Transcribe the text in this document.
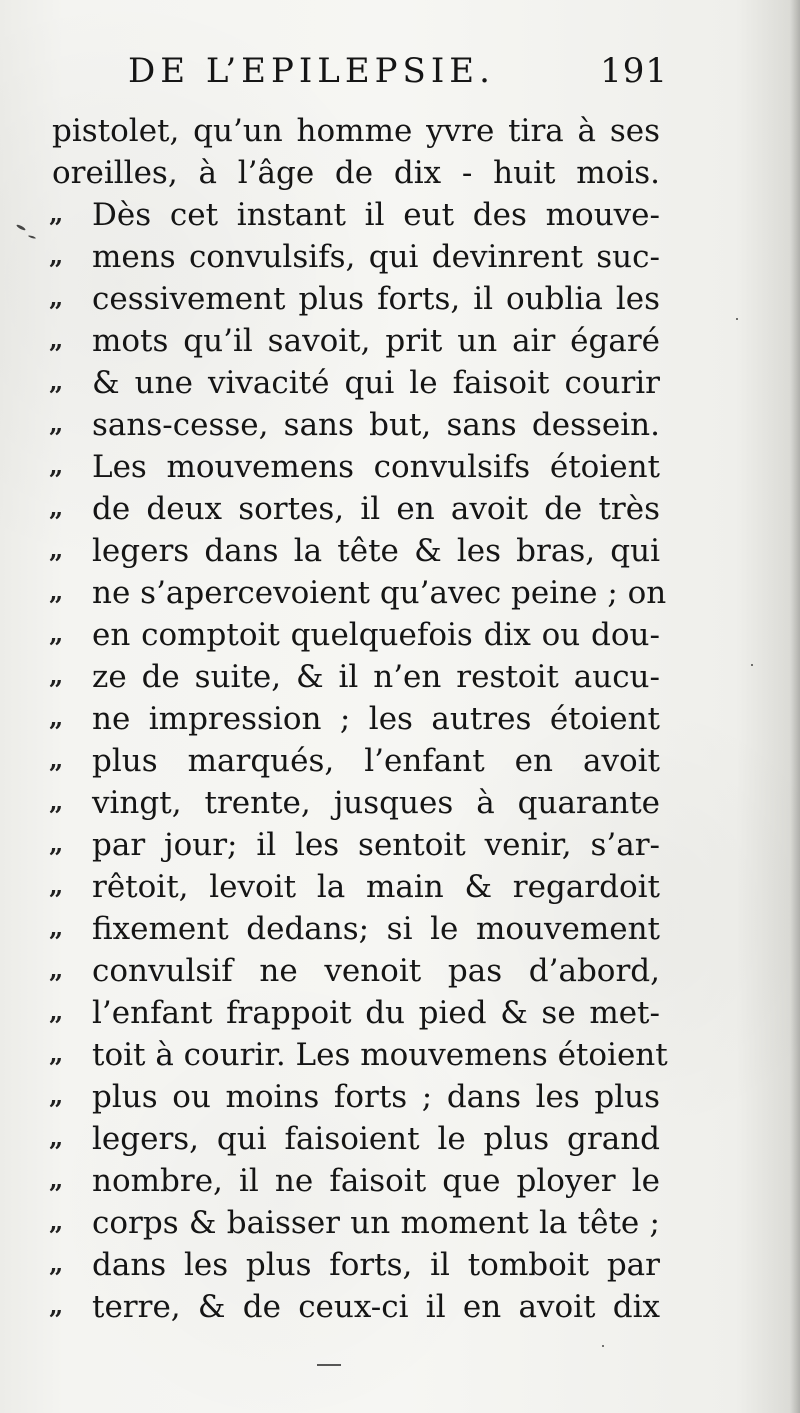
DE L’EPILEPSIE.	191
pistolet, qu’un homme yvre tira à ses
oreilles, à l’âge de dix - huit mois.
„ Dès cet instant il eut des mouve-
„ mens convulsifs, qui devinrent suc-
„ cessivement plus forts, il oublia les
„ mots qu’il savoit, prit un air égaré
„ & une vivacité qui le faisoit courir
„ sans-cesse, sans but, sans dessein.
„ Les mouvemens convulsifs étoient
„ de deux sortes, il en avoit de très
„ legers dans la tête & les bras, qui
„ ne s’apercevoient qu’avec peine ; on
„ en comptoit quelquefois dix ou dou-
„ ze de suite, & il n’en restoit aucu-
„ ne impression ; les autres étoient
„ plus marqués, l’enfant en avoit
„ vingt, trente, jusques à quarante
„ par jour; il les sentoit venir, s’ar-
„ rêtoit, levoit la main & regardoit
„ fixement dedans; si le mouvement
„ convulsif ne venoit pas d’abord,
„ l’enfant frappoit du pied & se met-
„ toit à courir. Les mouvemens étoient
„ plus ou moins forts ; dans les plus
„ legers, qui faisoient le plus grand
„ nombre, il ne faisoit que ployer le
„ corps & baisser un moment la tête ;
„ dans les plus forts, il tomboit par
„ terre, & de ceux-ci il en avoit dix
